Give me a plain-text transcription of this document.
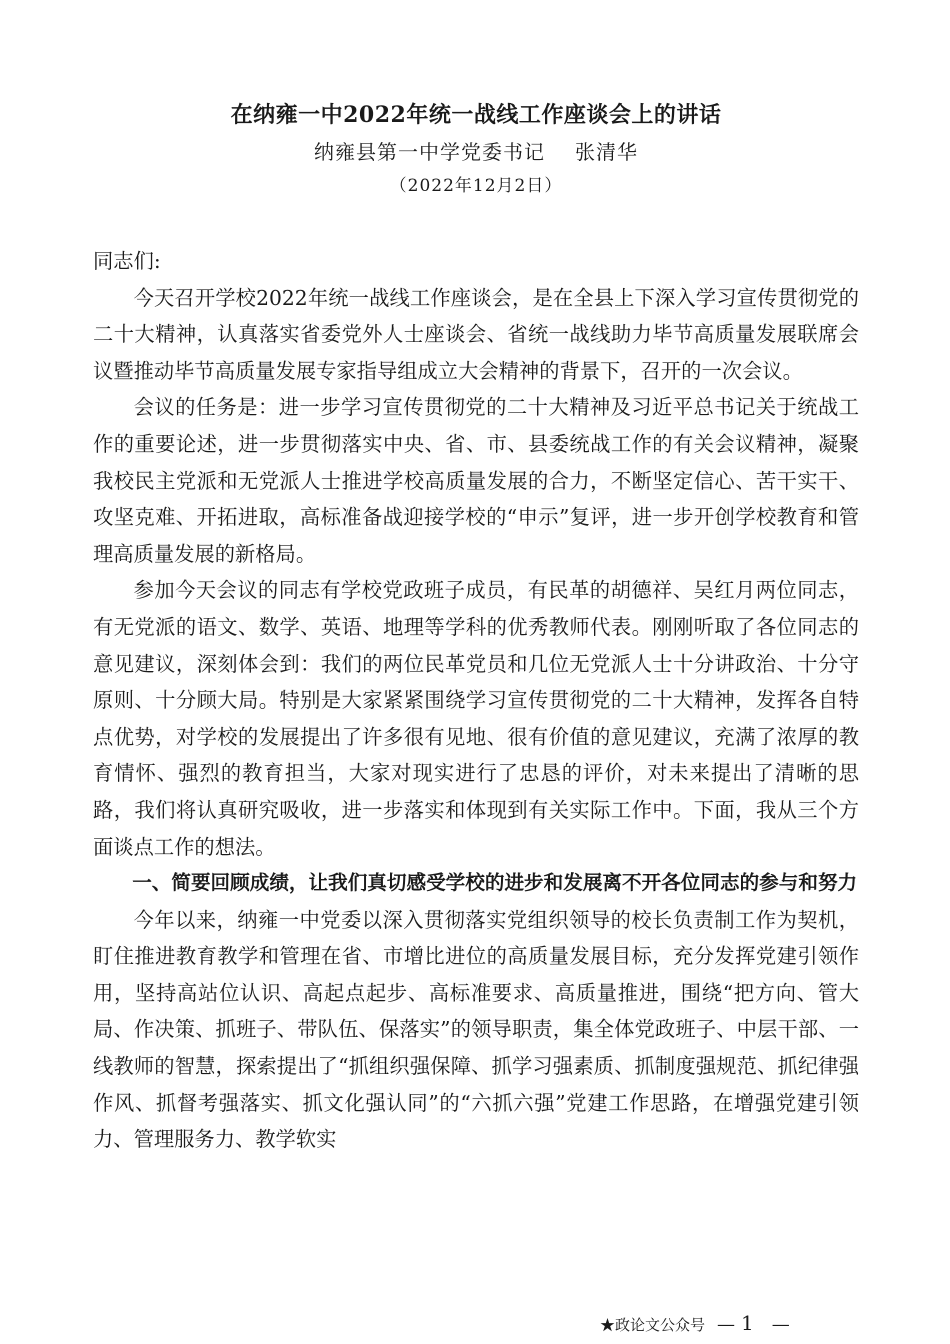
在纳雍一中2022年统一战线工作座谈会上的讲话
纳雍县第一中学党委书记 张清华
（2022年12月2日）

同志们:

今天召开学校2022年统一战线工作座谈会，是在全县上下深入学习宣传贯彻党的二十大精神，认真落实省委党外人士座谈会、省统一战线助力毕节高质量发展联席会议暨推动毕节高质量发展专家指导组成立大会精神的背景下，召开的一次会议。

会议的任务是：进一步学习宣传贯彻党的二十大精神及习近平总书记关于统战工作的重要论述，进一步贯彻落实中央、省、市、县委统战工作的有关会议精神，凝聚我校民主党派和无党派人士推进学校高质量发展的合力，不断坚定信心、苦干实干、攻坚克难、开拓进取，高标准备战迎接学校的“申示”复评，进一步开创学校教育和管理高质量发展的新格局。

参加今天会议的同志有学校党政班子成员，有民革的胡德祥、吴红月两位同志，有无党派的语文、数学、英语、地理等学科的优秀教师代表。刚刚听取了各位同志的意见建议，深刻体会到：我们的两位民革党员和几位无党派人士十分讲政治、十分守原则、十分顾大局。特别是大家紧紧围绕学习宣传贯彻党的二十大精神，发挥各自特点优势，对学校的发展提出了许多很有见地、很有价值的意见建议，充满了浓厚的教育情怀、强烈的教育担当，大家对现实进行了忠恳的评价，对未来提出了清晰的思路，我们将认真研究吸收，进一步落实和体现到有关实际工作中。下面，我从三个方面谈点工作的想法。

一、简要回顾成绩，让我们真切感受学校的进步和发展离不开各位同志的参与和努力

今年以来，纳雍一中党委以深入贯彻落实党组织领导的校长负责制工作为契机，盯住推进教育教学和管理在省、市增比进位的高质量发展目标，充分发挥党建引领作用，坚持高站位认识、高起点起步、高标准要求、高质量推进，围绕“把方向、管大局、作决策、抓班子、带队伍、保落实”的领导职责，集全体党政班子、中层干部、一线教师的智慧，探索提出了“抓组织强保障、抓学习强素质、抓制度强规范、抓纪律强作风、抓督考强落实、抓文化强认同”的“六抓六强”党建工作思路，在增强党建引领力、管理服务力、教学软实

★政论文公众号 — 1 —
